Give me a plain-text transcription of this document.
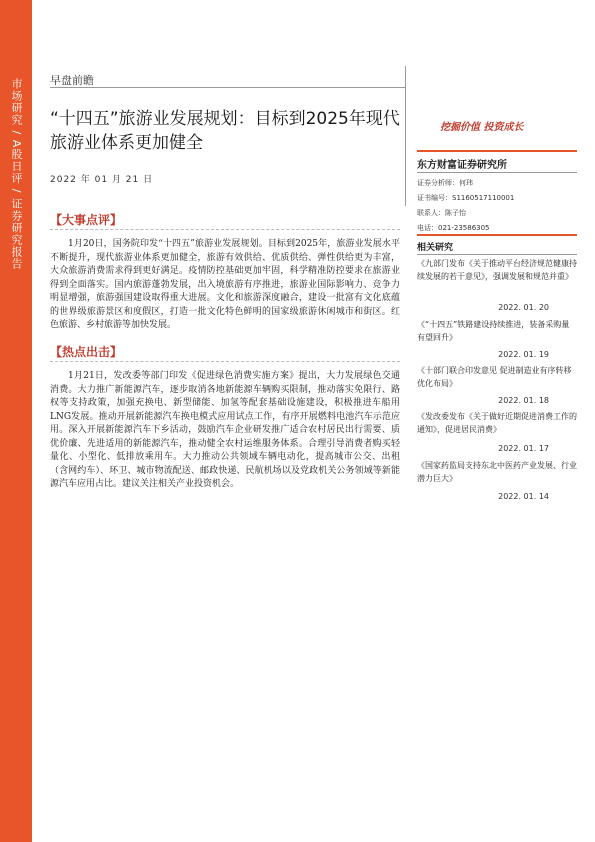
市场研究 / A股日评 / 证券研究报告 早盘前瞻
“十四五”旅游业发展规划：目标到2025年现代旅游业体系更加健全
2022 年 01 月 21 日
挖掘价值 投资成长
东方财富证券研究所
证券分析师：何玮
证书编号：S1160517110001
联系人：陈子怡
电话：021-23586305
相关研究
《九部门发布《关于推动平台经济规范健康持续发展的若干意见》，强调发展和规范并重》
2022. 01. 20
《“十四五”铁路建设持续推进，装备采购量有望回升》
2022. 01. 19
《十部门联合印发意见 促进制造业有序转移优化布局》
2022. 01. 18
《发改委发布《关于做好近期促进消费工作的通知》，促进居民消费》
2022. 01. 17
《国家药监局支持东北中医药产业发展、行业潜力巨大》
2022. 01. 14
【大事点评】

1月20日，国务院印发“十四五”旅游业发展规划。目标到2025年，旅游业发展水平不断提升，现代旅游业体系更加健全，旅游有效供给、优质供给、弹性供给更为丰富，大众旅游消费需求得到更好满足。疫情防控基础更加牢固，科学精准防控要求在旅游业得到全面落实。国内旅游蓬勃发展，出入境旅游有序推进，旅游业国际影响力、竞争力明显增强，旅游强国建设取得重大进展。文化和旅游深度融合，建设一批富有文化底蕴的世界级旅游景区和度假区，打造一批文化特色鲜明的国家级旅游休闲城市和街区。红色旅游、乡村旅游等加快发展。

【热点出击】

1月21日，发改委等部门印发《促进绿色消费实施方案》提出，大力发展绿色交通消费。大力推广新能源汽车，逐步取消各地新能源车辆购买限制，推动落实免限行、路权等支持政策，加强充换电、新型储能、加氢等配套基础设施建设，积极推进车船用LNG发展。推动开展新能源汽车换电模式应用试点工作，有序开展燃料电池汽车示范应用。深入开展新能源汽车下乡活动，鼓励汽车企业研发推广适合农村居民出行需要、质优价廉、先进适用的新能源汽车，推动健全农村运维服务体系。合理引导消费者购买轻量化、小型化、低排放乘用车。大力推动公共领域车辆电动化，提高城市公交、出租（含网约车）、环卫、城市物流配送、邮政快递、民航机场以及党政机关公务领域等新能源汽车应用占比。建议关注相关产业投资机会。
